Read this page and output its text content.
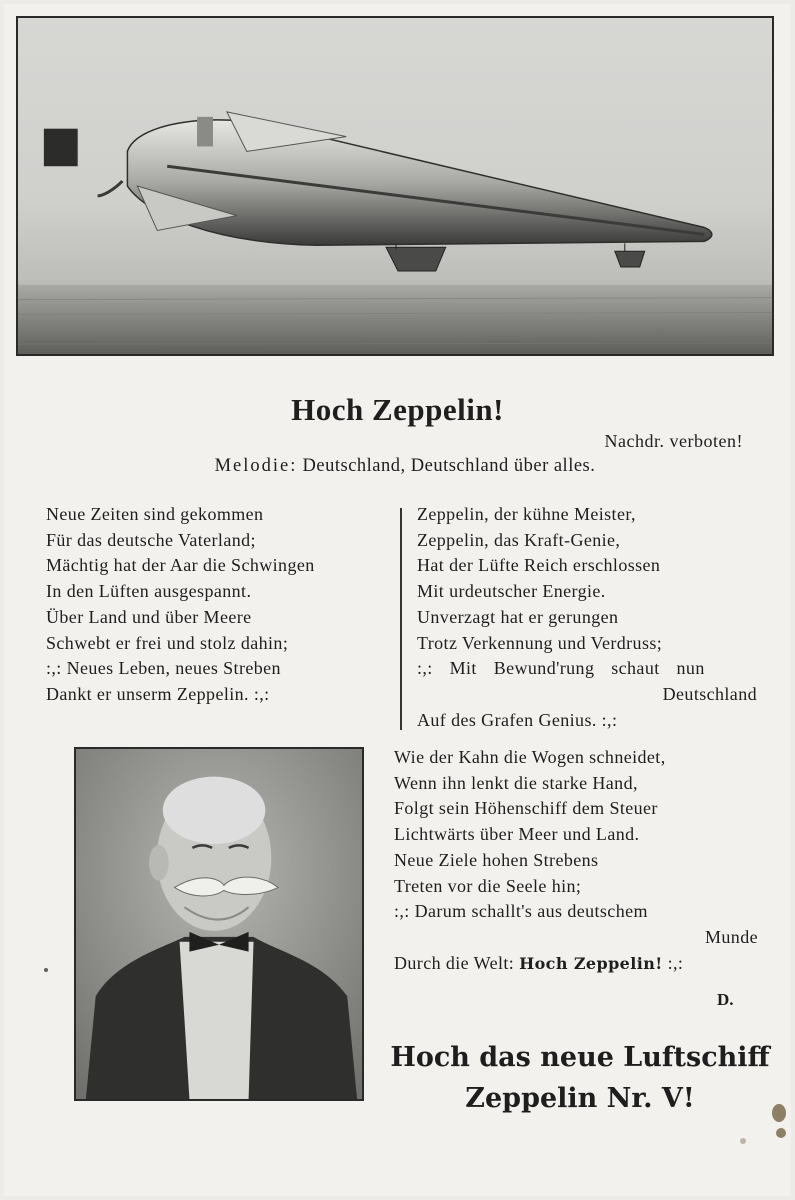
Hoch Zeppelin!
Nachdr. verboten!
Melodie: Deutschland, Deutschland über alles.
Neue Zeiten sind gekommen
Für das deutsche Vaterland;
Mächtig hat der Aar die Schwingen
In den Lüften ausgespannt.
Über Land und über Meere
Schwebt er frei und stolz dahin;
:,: Neues Leben, neues Streben
Dankt er unserm Zeppelin. :,:
Zeppelin, der kühne Meister,
Zeppelin, das Kraft-Genie,
Hat der Lüfte Reich erschlossen
Mit urdeutscher Energie.
Unverzagt hat er gerungen
Trotz Verkennung und Verdruss;
:,: Mit Bewund'rung schaut nun
Deutschland
Auf des Grafen Genius. :,:
Wie der Kahn die Wogen schneidet,
Wenn ihn lenkt die starke Hand,
Folgt sein Höhenschiff dem Steuer
Lichtwärts über Meer und Land.
Neue Ziele hohen Strebens
Treten vor die Seele hin;
:,: Darum schallt's aus deutschem
Munde
Durch die Welt: Hoch Zeppelin! :,:
D.
Hoch das neue Luftschiff
Zeppelin Nr. V!
